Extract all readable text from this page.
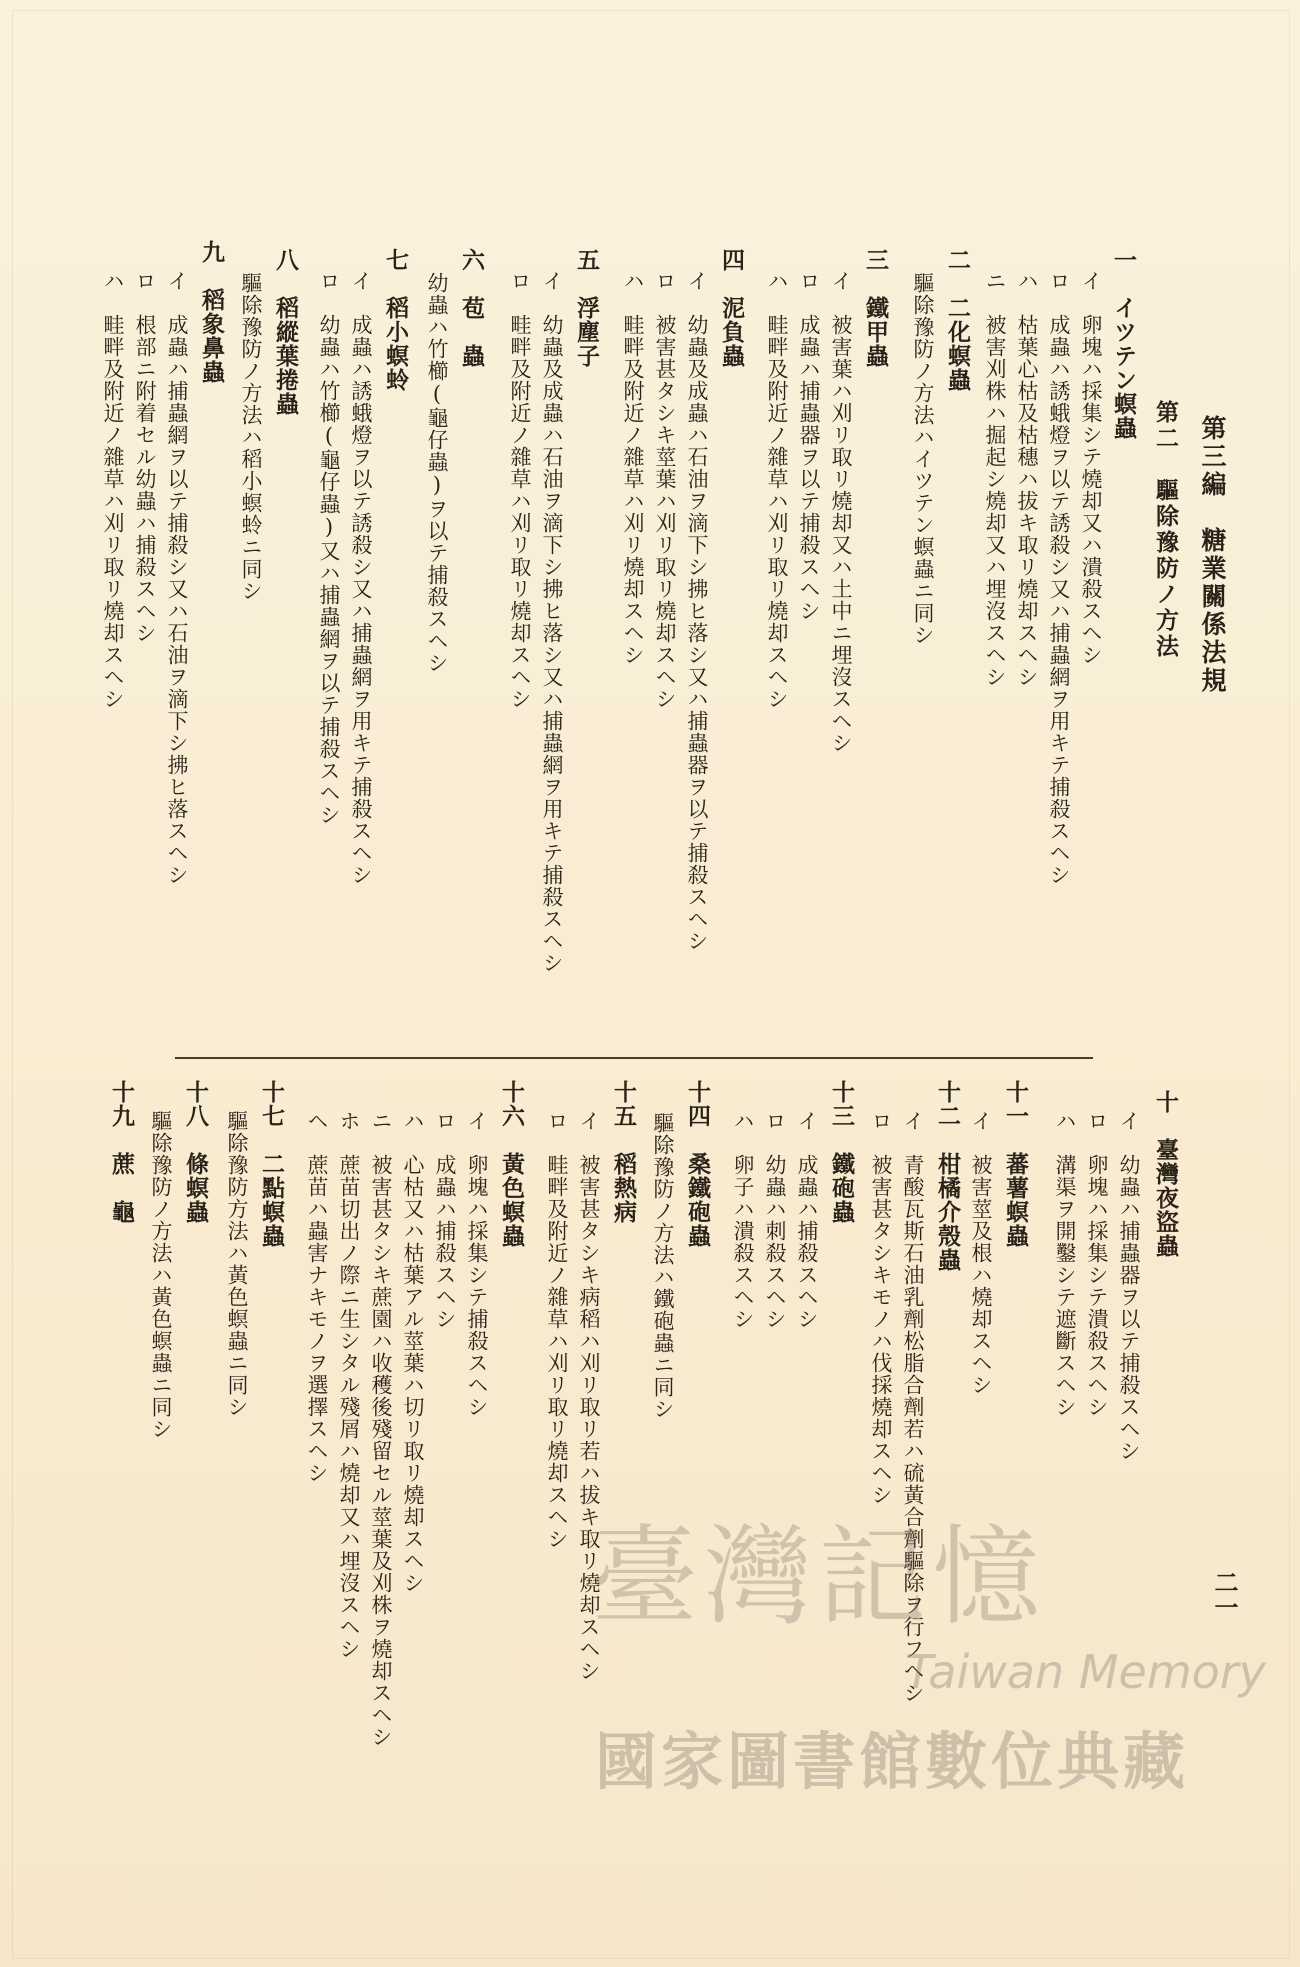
第三編　糖業關係法規
第二　驅除豫防ノ方法
一　イツテン螟蟲
イ　卵塊ハ採集シテ燒却又ハ潰殺スヘシ
ロ　成蟲ハ誘蛾燈ヲ以テ誘殺シ又ハ捕蟲網ヲ用キテ捕殺スヘシ
ハ　枯葉心枯及枯穗ハ拔キ取リ燒却スヘシ
ニ　被害刈株ハ掘起シ燒却又ハ埋沒スヘシ
二　二化螟蟲
驅除豫防ノ方法ハイツテン螟蟲ニ同シ
三　鐵甲蟲
イ　被害葉ハ刈リ取リ燒却又ハ土中ニ埋沒スヘシ
ロ　成蟲ハ捕蟲器ヲ以テ捕殺スヘシ
ハ　畦畔及附近ノ雜草ハ刈リ取リ燒却スヘシ
四　泥負蟲
イ　幼蟲及成蟲ハ石油ヲ滴下シ拂ヒ落シ又ハ捕蟲器ヲ以テ捕殺スヘシ
ロ　被害甚タシキ莖葉ハ刈リ取リ燒却スヘシ
ハ　畦畔及附近ノ雜草ハ刈リ燒却スヘシ
五　浮塵子
イ　幼蟲及成蟲ハ石油ヲ滴下シ拂ヒ落シ又ハ捕蟲網ヲ用キテ捕殺スヘシ
ロ　畦畔及附近ノ雜草ハ刈リ取リ燒却スヘシ
六　苞　蟲
幼蟲ハ竹櫛(龜仔蟲)ヲ以テ捕殺スヘシ
七　稻小螟蛉
イ　成蟲ハ誘蛾燈ヲ以テ誘殺シ又ハ捕蟲網ヲ用キテ捕殺スヘシ
ロ　幼蟲ハ竹櫛(龜仔蟲)又ハ捕蟲網ヲ以テ捕殺スヘシ
八　稻縱葉捲蟲
驅除豫防ノ方法ハ稻小螟蛉ニ同シ
九　稻象鼻蟲
イ　成蟲ハ捕蟲網ヲ以テ捕殺シ又ハ石油ヲ滴下シ拂ヒ落スヘシ
ロ　根部ニ附着セル幼蟲ハ捕殺スヘシ
ハ　畦畔及附近ノ雜草ハ刈リ取リ燒却スヘシ
十　臺灣夜盜蟲
イ　幼蟲ハ捕蟲器ヲ以テ捕殺スヘシ
ロ　卵塊ハ採集シテ潰殺スヘシ
ハ　溝渠ヲ開鑿シテ遮斷スヘシ
十一　蕃薯螟蟲
イ　被害莖及根ハ燒却スヘシ
十二　柑橘介殼蟲
イ　青酸瓦斯石油乳劑松脂合劑若ハ硫黃合劑驅除ヲ行フヘシ
ロ　被害甚タシキモノハ伐採燒却スヘシ
十三　鐵砲蟲
イ　成蟲ハ捕殺スヘシ
ロ　幼蟲ハ刺殺スヘシ
ハ　卵子ハ潰殺スヘシ
十四　桑鐵砲蟲
驅除豫防ノ方法ハ鐵砲蟲ニ同シ
十五　稻熱病
イ　被害甚タシキ病稻ハ刈リ取リ若ハ拔キ取リ燒却スヘシ
ロ　畦畔及附近ノ雜草ハ刈リ取リ燒却スヘシ
十六　黃色螟蟲
イ　卵塊ハ採集シテ捕殺スヘシ
ロ　成蟲ハ捕殺スヘシ
ハ　心枯又ハ枯葉アル莖葉ハ切リ取リ燒却スヘシ
ニ　被害甚タシキ蔗園ハ收穫後殘留セル莖葉及刈株ヲ燒却スヘシ
ホ　蔗苗切出ノ際ニ生シタル殘屑ハ燒却又ハ埋沒スヘシ
ヘ　蔗苗ハ蟲害ナキモノヲ選擇スヘシ
十七　二點螟蟲
驅除豫防方法ハ黃色螟蟲ニ同シ
十八　條螟蟲
驅除豫防ノ方法ハ黃色螟蟲ニ同シ
十九　蔗　龜
二一
臺灣記憶
Taiwan Memory
國家圖書館數位典藏
